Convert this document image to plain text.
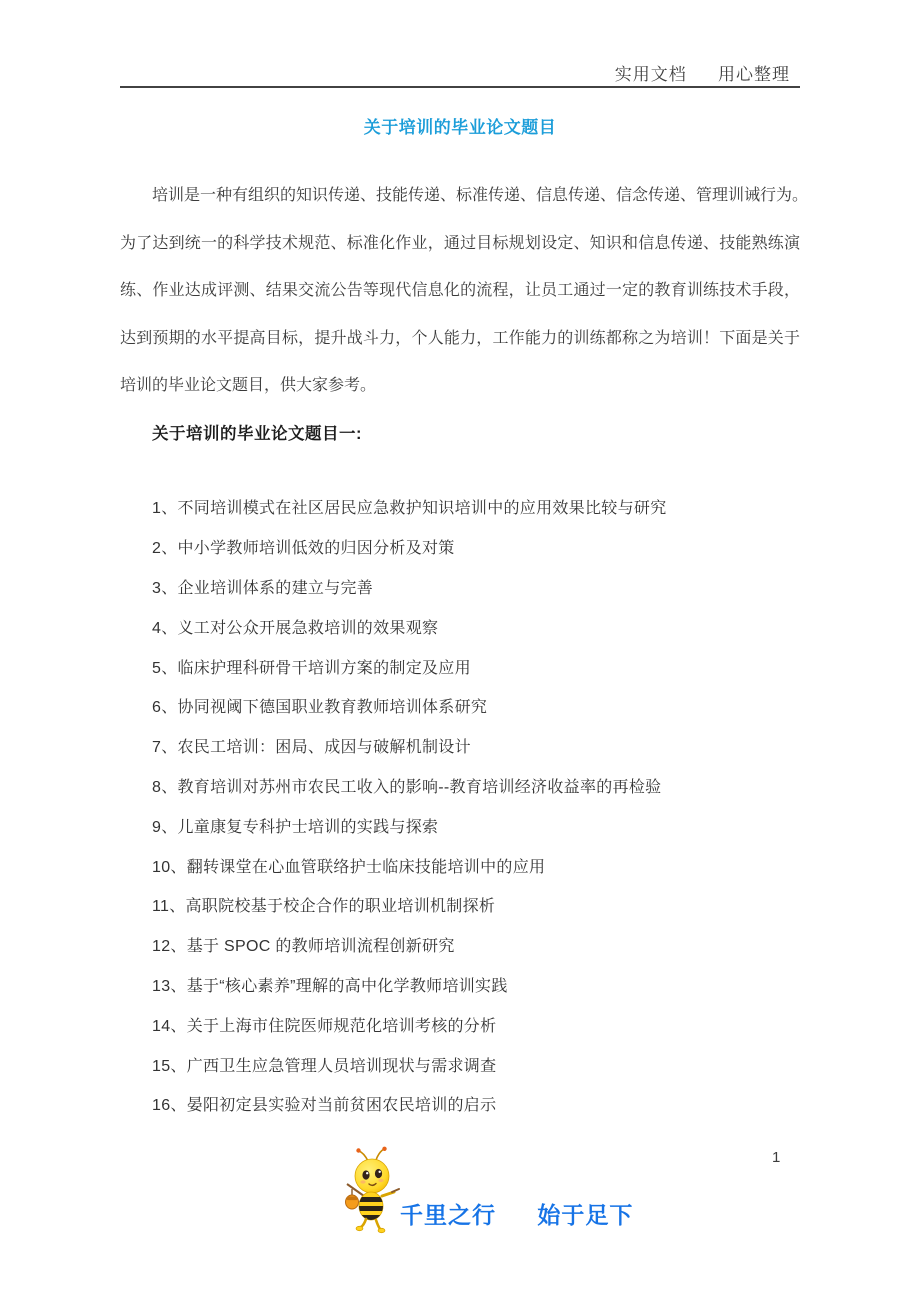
实用文档 用心整理
关于培训的毕业论文题目
培训是一种有组织的知识传递、技能传递、标准传递、信息传递、信念传递、管理训诫行为。
为了达到统一的科学技术规范、标准化作业，通过目标规划设定、知识和信息传递、技能熟练演
练、作业达成评测、结果交流公告等现代信息化的流程，让员工通过一定的教育训练技术手段，
达到预期的水平提高目标，提升战斗力，个人能力，工作能力的训练都称之为培训！下面是关于
培训的毕业论文题目，供大家参考。
关于培训的毕业论文题目一:
1、不同培训模式在社区居民应急救护知识培训中的应用效果比较与研究
2、中小学教师培训低效的归因分析及对策
3、企业培训体系的建立与完善
4、义工对公众开展急救培训的效果观察
5、临床护理科研骨干培训方案的制定及应用
6、协同视阈下德国职业教育教师培训体系研究
7、农民工培训：困局、成因与破解机制设计
8、教育培训对苏州市农民工收入的影响--教育培训经济收益率的再检验
9、儿童康复专科护士培训的实践与探索
10、翻转课堂在心血管联络护士临床技能培训中的应用
11、高职院校基于校企合作的职业培训机制探析
12、基于 SPOC 的教师培训流程创新研究
13、基于“核心素养”理解的高中化学教师培训实践
14、关于上海市住院医师规范化培训考核的分析
15、广西卫生应急管理人员培训现状与需求调查
16、晏阳初定县实验对当前贫困农民培训的启示
千里之行 始于足下
1
